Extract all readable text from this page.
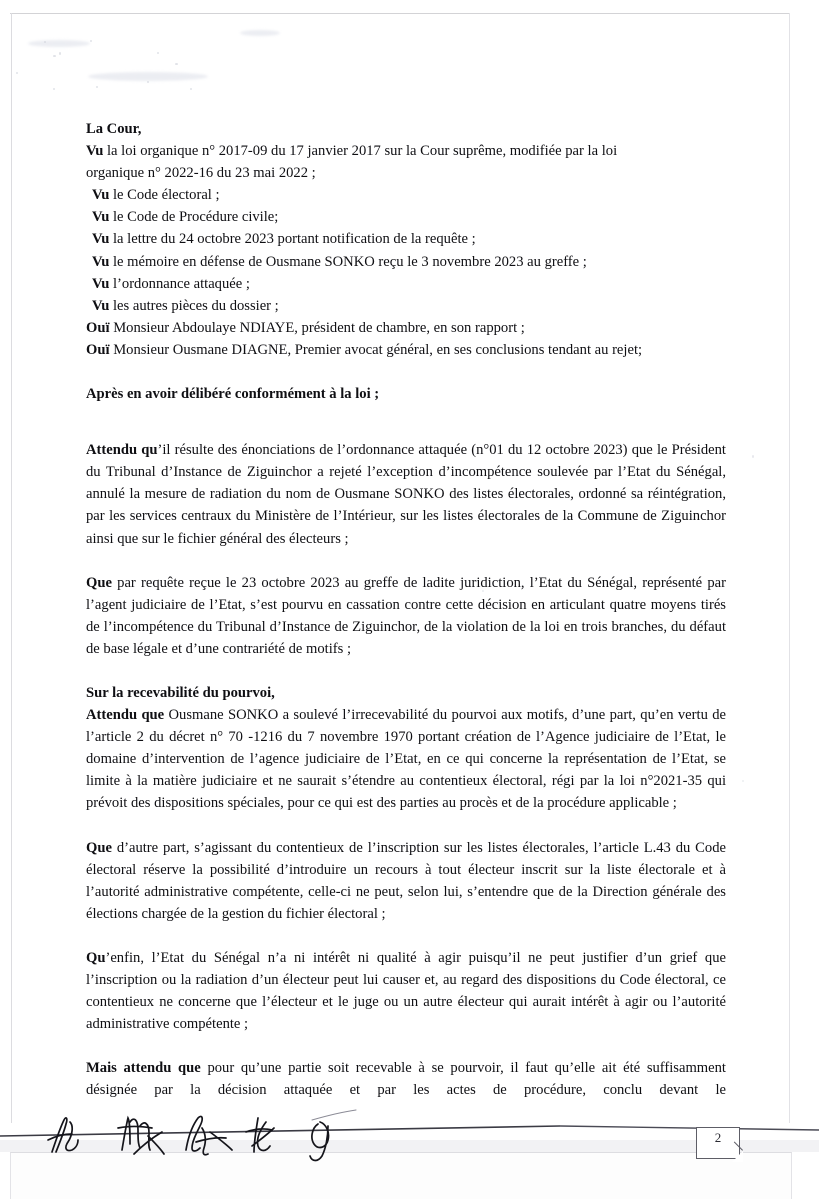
La Cour,
Vu la loi organique n° 2017-09 du 17 janvier 2017 sur la Cour suprême, modifiée par la loi
organique n° 2022-16 du 23 mai 2022 ;
Vu le Code électoral ;
Vu le Code de Procédure civile;
Vu la lettre du 24 octobre 2023 portant notification de la requête ;
Vu le mémoire en défense de Ousmane SONKO reçu le 3 novembre 2023 au greffe ;
Vu l’ordonnance attaquée ;
Vu les autres pièces du dossier ;
Ouï Monsieur Abdoulaye NDIAYE, président de chambre, en son rapport ;
Ouï Monsieur Ousmane DIAGNE, Premier avocat général, en ses conclusions tendant au rejet;
Après en avoir délibéré conformément à la loi ;
Attendu qu’il résulte des énonciations de l’ordonnance attaquée (n°01 du 12 octobre 2023) que le Président du Tribunal d’Instance de Ziguinchor a rejeté l’exception d’incompétence soulevée par l’Etat du Sénégal, annulé la mesure de radiation du nom de Ousmane SONKO des listes électorales, ordonné sa réintégration, par les services centraux du Ministère de l’Intérieur, sur les listes électorales de la Commune de Ziguinchor ainsi que sur le fichier général des électeurs ;
Que par requête reçue le 23 octobre 2023 au greffe de ladite juridiction, l’Etat du Sénégal, représenté par l’agent judiciaire de l’Etat, s’est pourvu en cassation contre cette décision en articulant quatre moyens tirés de l’incompétence du Tribunal d’Instance de Ziguinchor, de la violation de la loi en trois branches, du défaut de base légale et d’une contrariété de motifs ;
Sur la recevabilité du pourvoi,
Attendu que Ousmane SONKO a soulevé l’irrecevabilité du pourvoi aux motifs, d’une part, qu’en vertu de l’article 2 du décret n° 70 -1216 du 7 novembre 1970 portant création de l’Agence judiciaire de l’Etat, le domaine d’intervention de l’agence judiciaire de l’Etat, en ce qui concerne la représentation de l’Etat, se limite à la matière judiciaire et ne saurait s’étendre au contentieux électoral, régi par la loi n°2021-35 qui prévoit des dispositions spéciales, pour ce qui est des parties au procès et de la procédure applicable ;
Que d’autre part, s’agissant du contentieux de l’inscription sur les listes électorales, l’article L.43 du Code électoral réserve la possibilité d’introduire un recours à tout électeur inscrit sur la liste électorale et à l’autorité administrative compétente, celle-ci ne peut, selon lui, s’entendre que de la Direction générale des élections chargée de la gestion du fichier électoral ;
Qu’enfin, l’Etat du Sénégal n’a ni intérêt ni qualité à agir puisqu’il ne peut justifier d’un grief que l’inscription ou la radiation d’un électeur peut lui causer et, au regard des dispositions du Code électoral, ce contentieux ne concerne que l’électeur et le juge ou un autre électeur qui aurait intérêt à agir ou l’autorité administrative compétente ;
Mais attendu que pour qu’une partie soit recevable à se pourvoir, il faut qu’elle ait été suffisamment désignée par la décision attaquée et par les actes de procédure, conclu devant le
2
